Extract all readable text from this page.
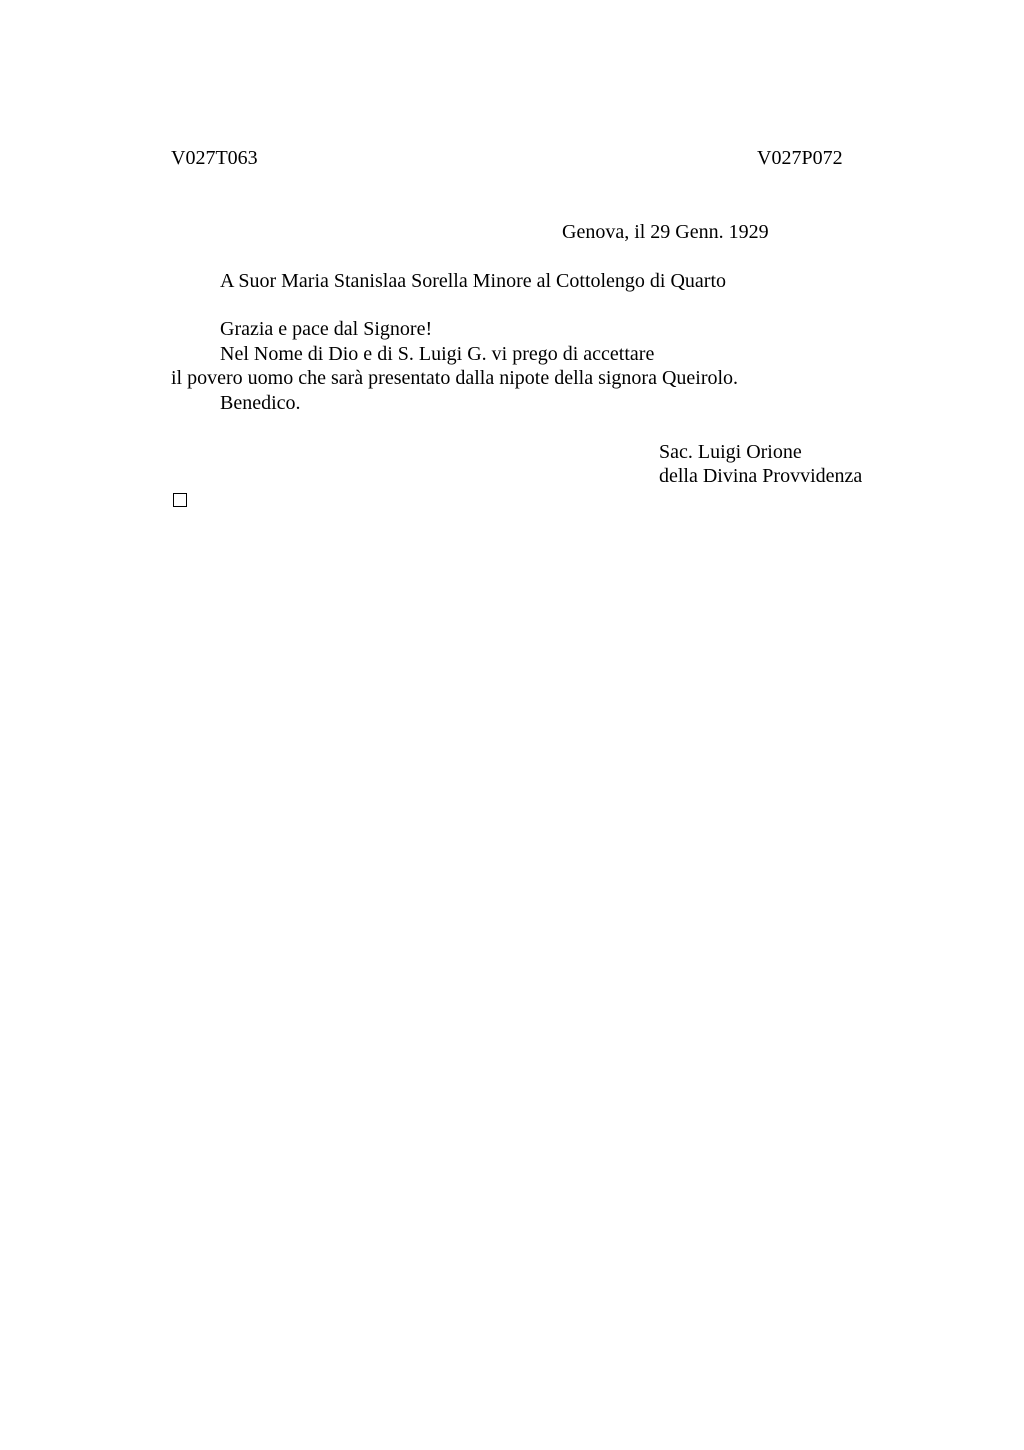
V027T063	V027P072
Genova, il 29 Genn. 1929
A Suor Maria Stanislaa Sorella Minore al Cottolengo di Quarto
Grazia e pace dal Signore!
Nel Nome di Dio e di S. Luigi G. vi prego di accettare
il povero uomo che sarà presentato dalla nipote della signora Queirolo.
Benedico.
Sac. Luigi Orione
della Divina Provvidenza
